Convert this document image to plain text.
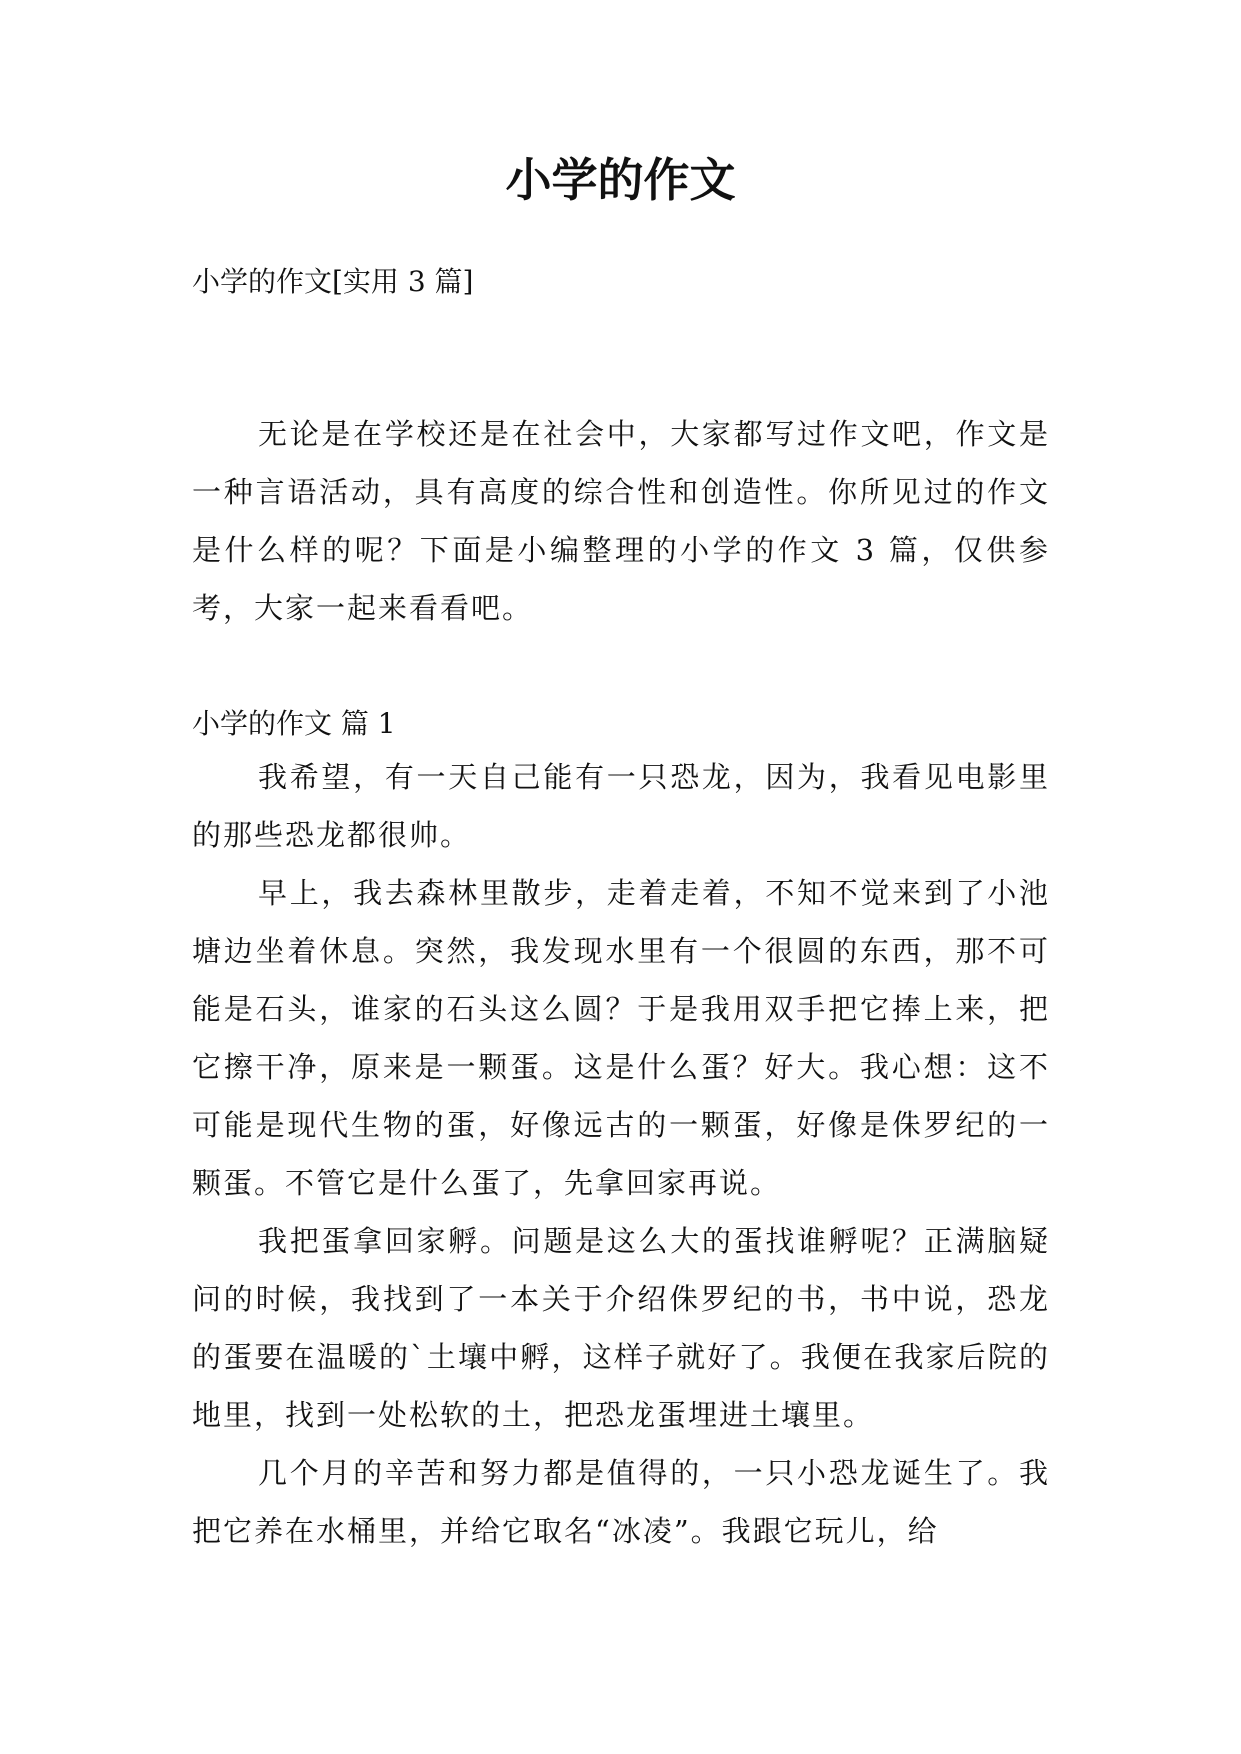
小学的作文

小学的作文[实用 3 篇]

无论是在学校还是在社会中，大家都写过作文吧，作文是一种言语活动，具有高度的综合性和创造性。你所见过的作文是什么样的呢？下面是小编整理的小学的作文 3 篇，仅供参考，大家一起来看看吧。

小学的作文 篇 1

我希望，有一天自己能有一只恐龙，因为，我看见电影里的那些恐龙都很帅。

早上，我去森林里散步，走着走着，不知不觉来到了小池塘边坐着休息。突然，我发现水里有一个很圆的东西，那不可能是石头，谁家的石头这么圆？于是我用双手把它捧上来，把它擦干净，原来是一颗蛋。这是什么蛋？好大。我心想：这不可能是现代生物的蛋，好像远古的一颗蛋，好像是侏罗纪的一颗蛋。不管它是什么蛋了，先拿回家再说。

我把蛋拿回家孵。问题是这么大的蛋找谁孵呢？正满脑疑问的时候，我找到了一本关于介绍侏罗纪的书，书中说，恐龙的蛋要在温暖的`土壤中孵，这样子就好了。我便在我家后院的地里，找到一处松软的土，把恐龙蛋埋进土壤里。

几个月的辛苦和努力都是值得的，一只小恐龙诞生了。我把它养在水桶里，并给它取名“冰凌”。我跟它玩儿，给
